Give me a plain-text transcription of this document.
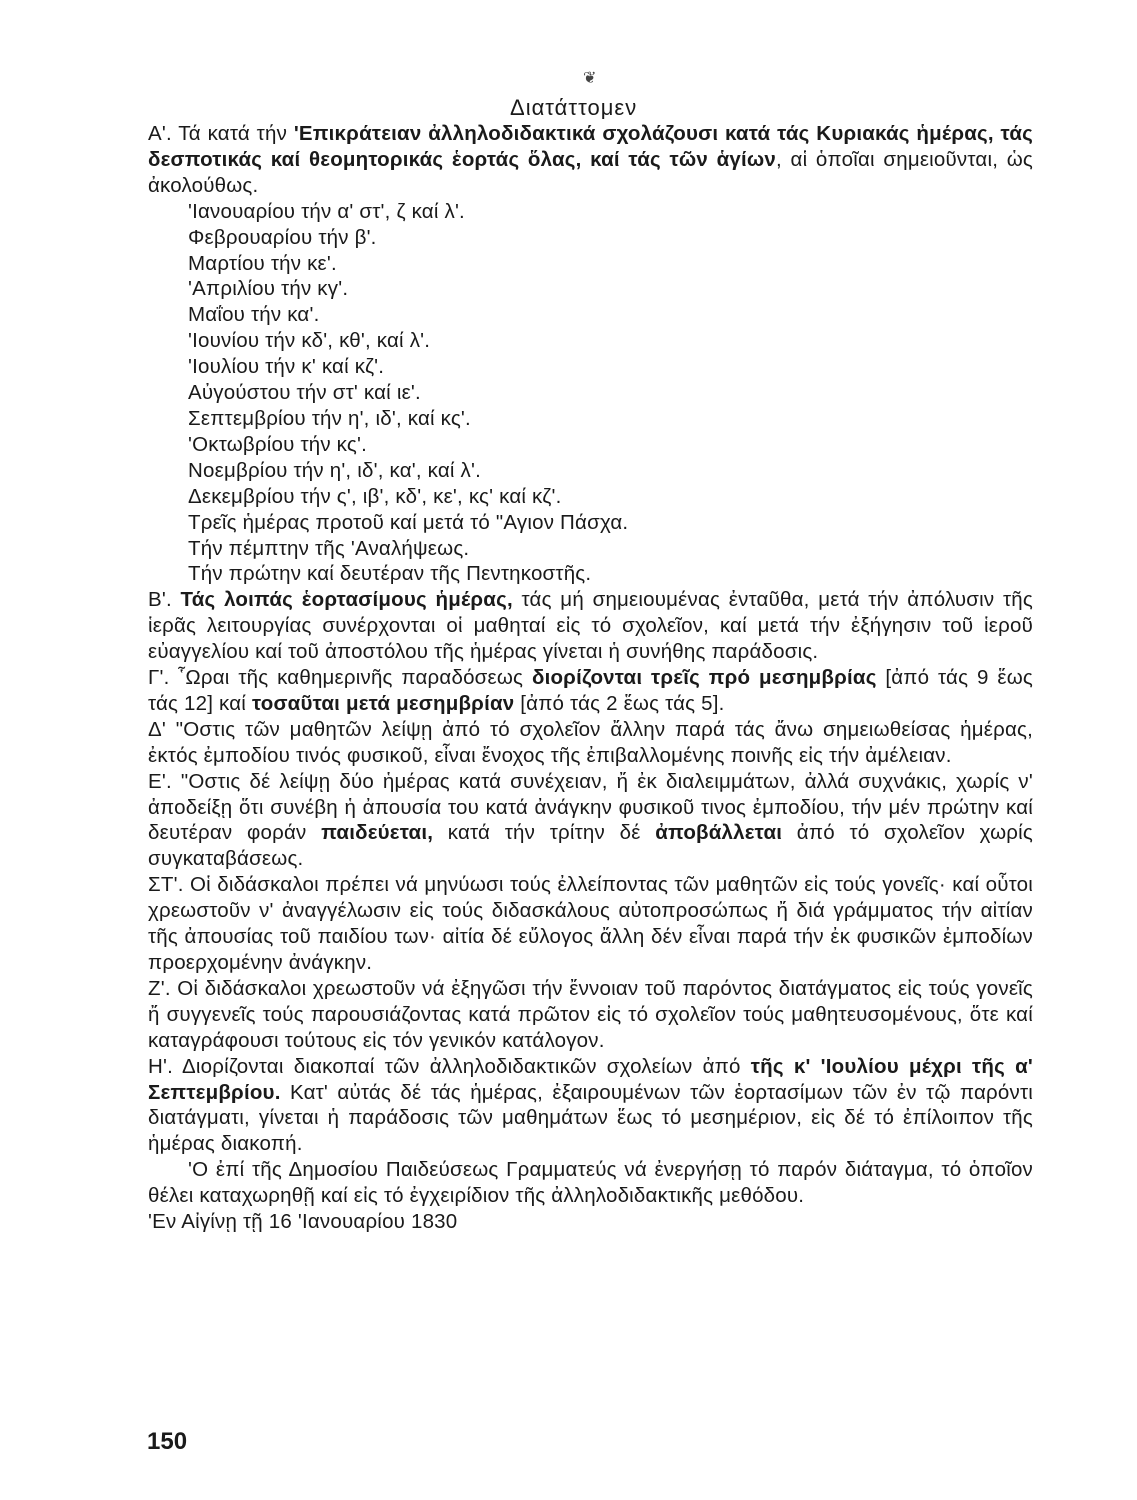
❦
Διατάττομεν

Α'. Τά κατά τήν 'Επικράτειαν ἀλληλοδιδακτικά σχολάζουσι κατά τάς Κυριακάς ἡμέρας, τάς δεσποτικάς καί θεομητορικάς ἑορτάς ὅλας, καί τάς τῶν ἁγίων, αἱ ὁποῖαι σημειοῦνται, ὡς ἀκολούθως.

'Ιανουαρίου τήν α' στ', ζ καί λ'.
Φεβρουαρίου τήν β'.
Μαρτίου τήν κε'.
'Απριλίου τήν κγ'.
Μαΐου τήν κα'.
'Ιουνίου τήν κδ', κθ', καί λ'.
'Ιουλίου τήν κ' καί κζ'.
Αὐγούστου τήν στ' καί ιε'.
Σεπτεμβρίου τήν η', ιδ', καί κς'.
'Οκτωβρίου τήν κς'.
Νοεμβρίου τήν η', ιδ', κα', καί λ'.
Δεκεμβρίου τήν ς', ιβ', κδ', κε', κς' καί κζ'.
Τρεῖς ἡμέρας προτοῦ καί μετά τό "Αγιον Πάσχα.
Τήν πέμπτην τῆς 'Αναλήψεως.
Τήν πρώτην καί δευτέραν τῆς Πεντηκοστῆς.

Β'. Τάς λοιπάς ἑορτασίμους ἡμέρας, τάς μή σημειουμένας ἐνταῦθα, μετά τήν ἀπόλυσιν τῆς ἱερᾶς λειτουργίας συνέρχονται οἱ μαθηταί εἰς τό σχολεῖον, καί μετά τήν ἐξήγησιν τοῦ ἱεροῦ εὐαγγελίου καί τοῦ ἀποστόλου τῆς ἡμέρας γίνεται ἡ συνήθης παράδοσις.

Γ'. ῟Ωραι τῆς καθημερινῆς παραδόσεως διορίζονται τρεῖς πρό μεσημβρίας [ἀπό τάς 9 ἕως τάς 12] καί τοσαῦται μετά μεσημβρίαν [ἀπό τάς 2 ἕως τάς 5].

Δ' "Οστις τῶν μαθητῶν λείψῃ ἀπό τό σχολεῖον ἄλλην παρά τάς ἄνω σημειωθείσας ἡμέρας, ἐκτός ἐμποδίου τινός φυσικοῦ, εἶναι ἔνοχος τῆς ἐπιβαλλομένης ποινῆς εἰς τήν ἀμέλειαν.

Ε'. "Οστις δέ λείψῃ δύο ἡμέρας κατά συνέχειαν, ἤ ἐκ διαλειμμάτων, ἀλλά συχνάκις, χωρίς ν' ἀποδείξῃ ὅτι συνέβη ἡ ἀπουσία του κατά ἀνάγκην φυσικοῦ τινος ἐμποδίου, τήν μέν πρώτην καί δευτέραν φοράν παιδεύεται, κατά τήν τρίτην δέ ἀποβάλλεται ἀπό τό σχολεῖον χωρίς συγκαταβάσεως.

ΣΤ'. Οἱ διδάσκαλοι πρέπει νά μηνύωσι τούς ἐλλείποντας τῶν μαθητῶν εἰς τούς γονεῖς· καί οὗτοι χρεωστοῦν ν' ἀναγγέλωσιν εἰς τούς διδασκάλους αὐτοπροσώπως ἤ διά γράμματος τήν αἰτίαν τῆς ἀπουσίας τοῦ παιδίου των· αἰτία δέ εὔλογος ἄλλη δέν εἶναι παρά τήν ἐκ φυσικῶν ἐμποδίων προερχομένην ἀνάγκην.

Ζ'. Οἱ διδάσκαλοι χρεωστοῦν νά ἐξηγῶσι τήν ἔννοιαν τοῦ παρόντος διατάγματος εἰς τούς γονεῖς ἤ συγγενεῖς τούς παρουσιάζοντας κατά πρῶτον εἰς τό σχολεῖον τούς μαθητευσομένους, ὅτε καί καταγράφουσι τούτους εἰς τόν γενικόν κατάλογον.

Η'. Διορίζονται διακοπαί τῶν ἀλληλοδιδακτικῶν σχολείων ἀπό τῆς κ' 'Ιουλίου μέχρι τῆς α' Σεπτεμβρίου. Κατ' αὐτάς δέ τάς ἡμέρας, ἐξαιρουμένων τῶν ἑορτασίμων τῶν ἐν τῷ παρόντι διατάγματι, γίνεται ἡ παράδοσις τῶν μαθημάτων ἕως τό μεσημέριον, εἰς δέ τό ἐπίλοιπον τῆς ἡμέρας διακοπή.

'Ο ἐπί τῆς Δημοσίου Παιδεύσεως Γραμματεύς νά ἐνεργήσῃ τό παρόν διάταγμα, τό ὁποῖον θέλει καταχωρηθῇ καί εἰς τό ἐγχειρίδιον τῆς ἀλληλοδιδακτικῆς μεθόδου.

'Εν Αἰγίνῃ τῇ 16 'Ιανουαρίου 1830

150
